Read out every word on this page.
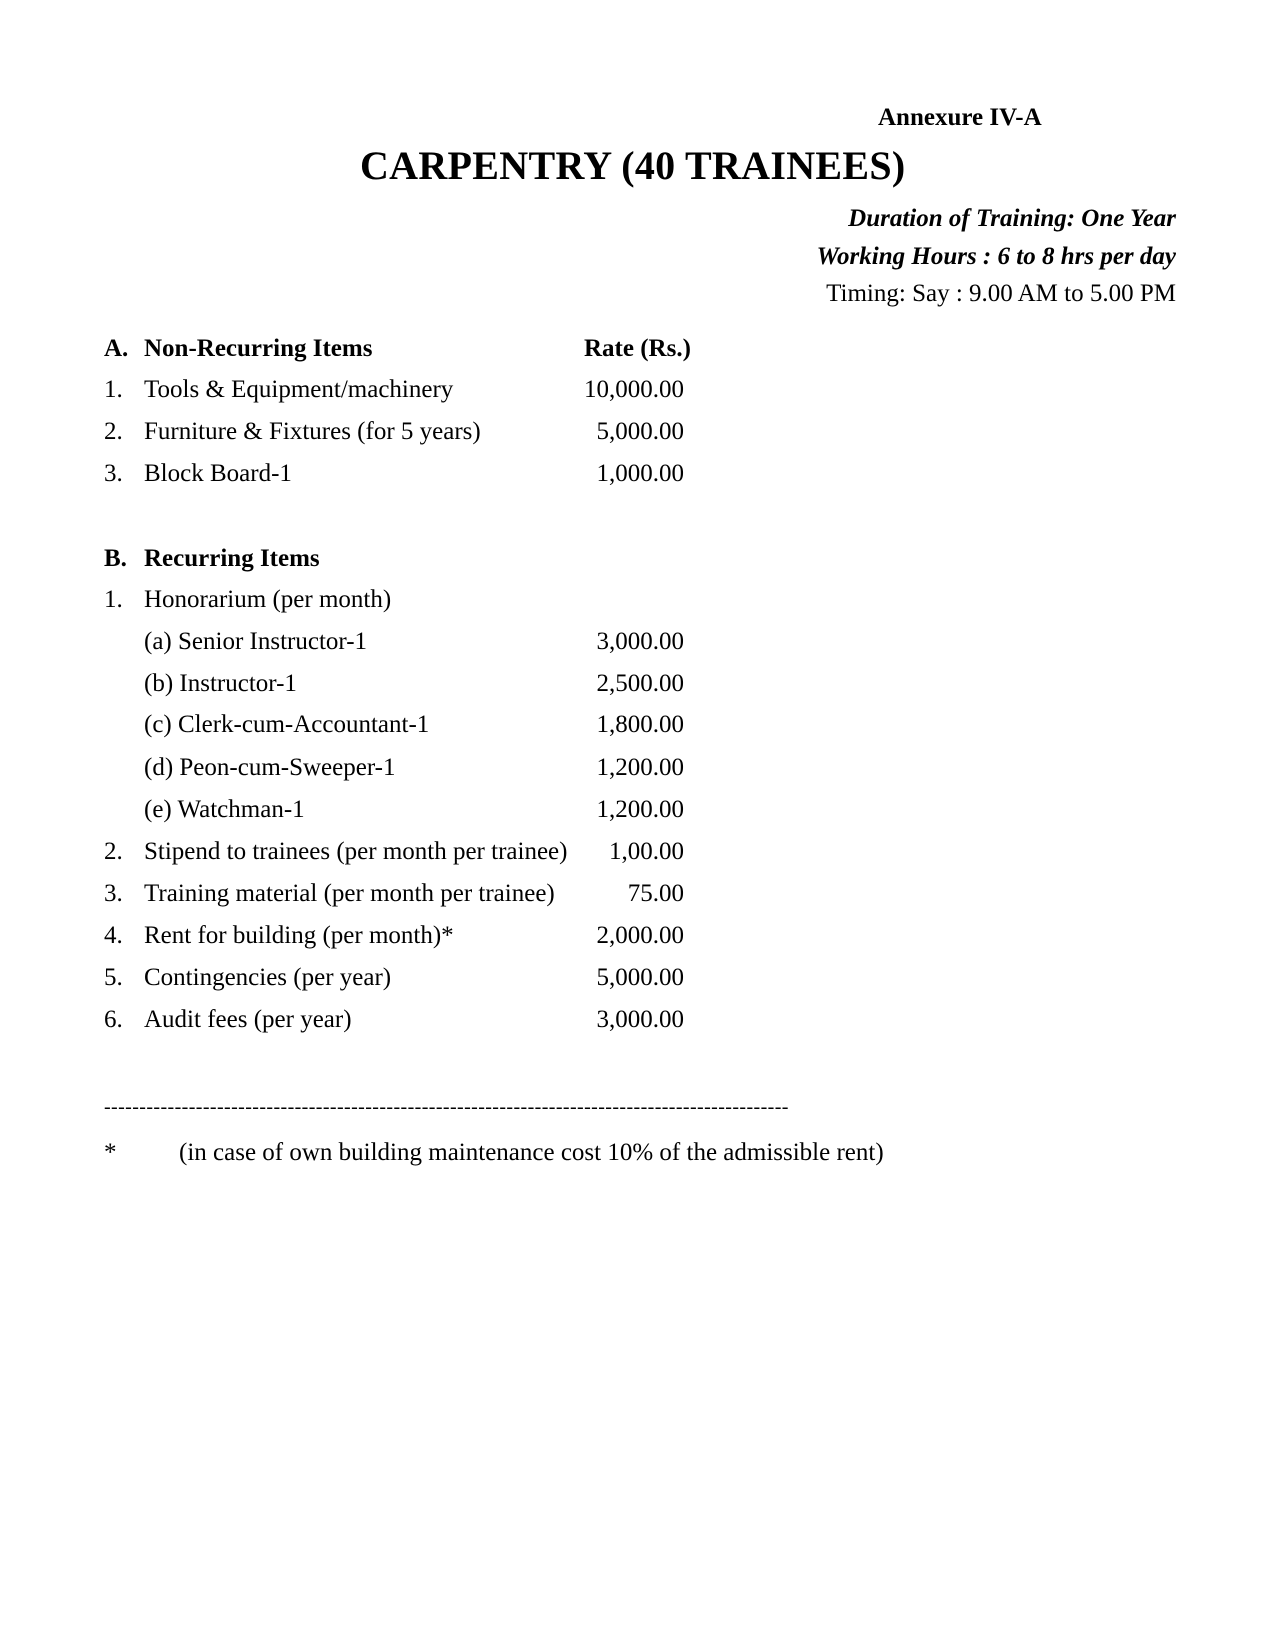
Annexure IV-A
CARPENTRY (40 TRAINEES)
Duration of Training: One Year
Working Hours : 6 to 8 hrs per day
Timing: Say : 9.00 AM to 5.00 PM
A. Non-Recurring Items	Rate (Rs.)
1. Tools & Equipment/machinery	10,000.00
2. Furniture & Fixtures (for 5 years)	5,000.00
3. Block Board-1	1,000.00
B. Recurring Items
1. Honorarium (per month)
(a) Senior Instructor-1	3,000.00
(b) Instructor-1	2,500.00
(c) Clerk-cum-Accountant-1	1,800.00
(d) Peon-cum-Sweeper-1	1,200.00
(e) Watchman-1	1,200.00
2. Stipend to trainees (per month per trainee)	1,00.00
3. Training material (per month per trainee)	75.00
4. Rent for building (per month)*	2,000.00
5. Contingencies (per year)	5,000.00
6. Audit fees (per year)	3,000.00
-------------------------------------------------------------------------------------------------
*	(in case of own building maintenance cost 10% of the admissible rent)
